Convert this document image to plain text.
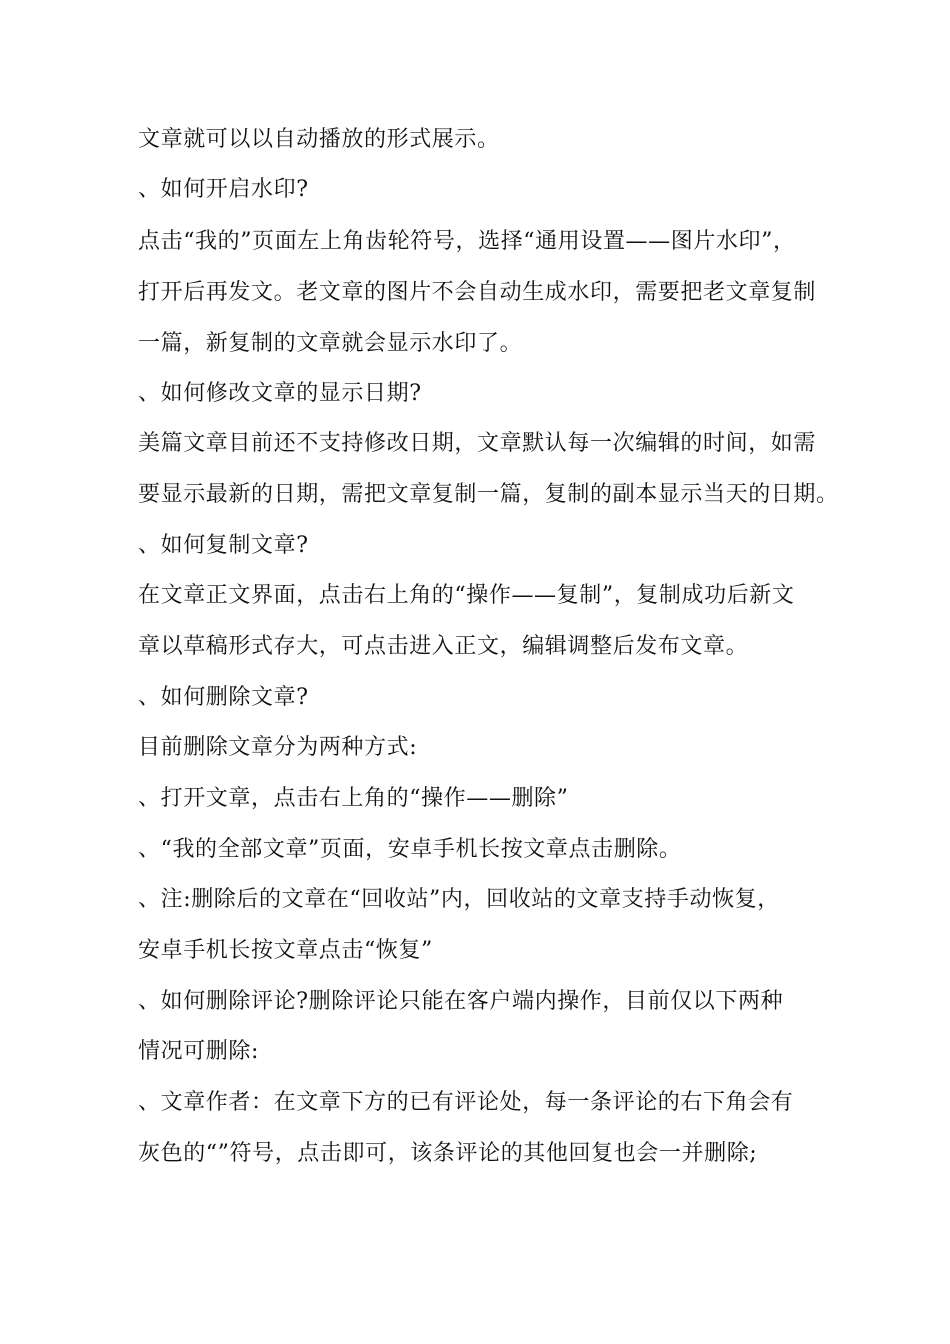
文章就可以以自动播放的形式展示。

、如何开启水印?

点击“我的”页面左上角齿轮符号，选择“通用设置——图片水印”，

打开后再发文。老文章的图片不会自动生成水印，需要把老文章复制

一篇，新复制的文章就会显示水印了。

、如何修改文章的显示日期?

美篇文章目前还不支持修改日期，文章默认每一次编辑的时间，如需

要显示最新的日期，需把文章复制一篇，复制的副本显示当天的日期。

、如何复制文章?

在文章正文界面，点击右上角的“操作——复制”，复制成功后新文

章以草稿形式存大，可点击进入正文，编辑调整后发布文章。

、如何删除文章?

目前删除文章分为两种方式:

、打开文章，点击右上角的“操作——删除”

、“我的全部文章”页面，安卓手机长按文章点击删除。

、注:删除后的文章在“回收站”内，回收站的文章支持手动恢复，

安卓手机长按文章点击“恢复”

、如何删除评论?删除评论只能在客户端内操作，目前仅以下两种

情况可删除:

、文章作者：在文章下方的已有评论处，每一条评论的右下角会有

灰色的“”符号，点击即可，该条评论的其他回复也会一并删除;
